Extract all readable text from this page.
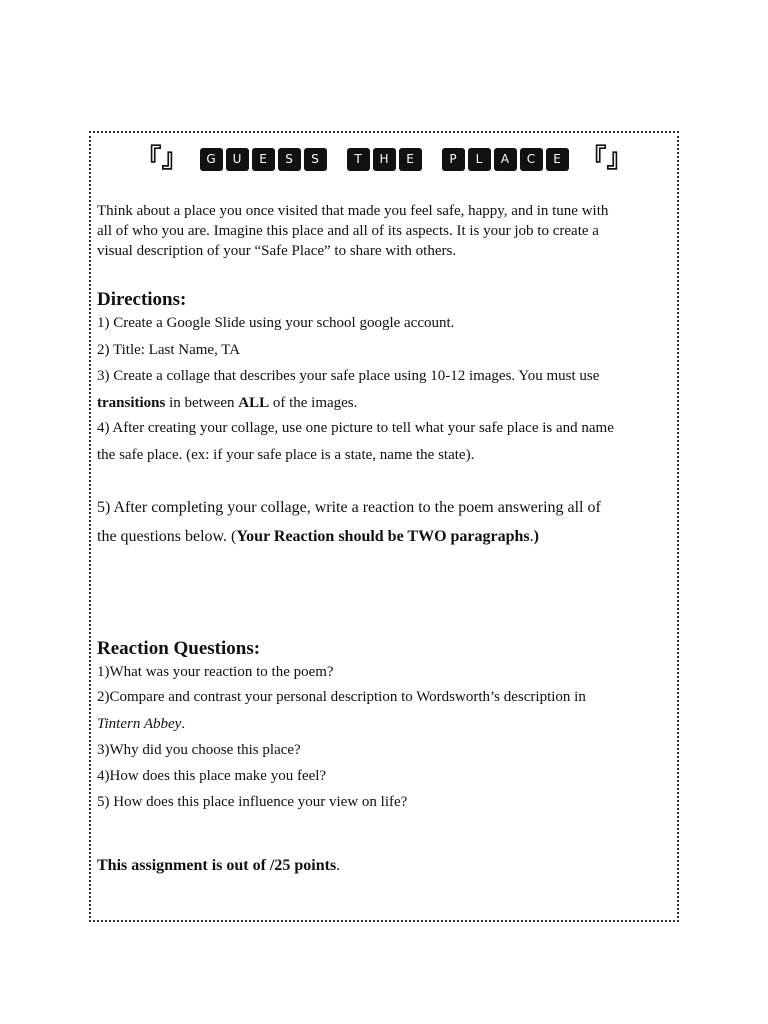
『』	G	U	E	S	S	T	H	E	P	L	A	C	E 『』
Think about a place you once visited that made you feel safe, happy, and in tune with
all of who you are. Imagine this place and all of its aspects. It is your job to create a
visual description of your “Safe Place” to share with others.
Directions:
1) Create a Google Slide using your school google account.
2) Title: Last Name, TA
3) Create a collage that describes your safe place using 10-12 images. You must use
transitions in between ALL of the images.
4) After creating your collage, use one picture to tell what your safe place is and name
the safe place. (ex: if your safe place is a state, name the state).
5) After completing your collage, write a reaction to the poem answering all of
the questions below. (Your Reaction should be TWO paragraphs.)
Reaction Questions:
1)What was your reaction to the poem?
2)Compare and contrast your personal description to Wordsworth’s description in
Tintern Abbey.
3)Why did you choose this place?
4)How does this place make you feel?
5) How does this place influence your view on life?
This assignment is out of /25 points.
